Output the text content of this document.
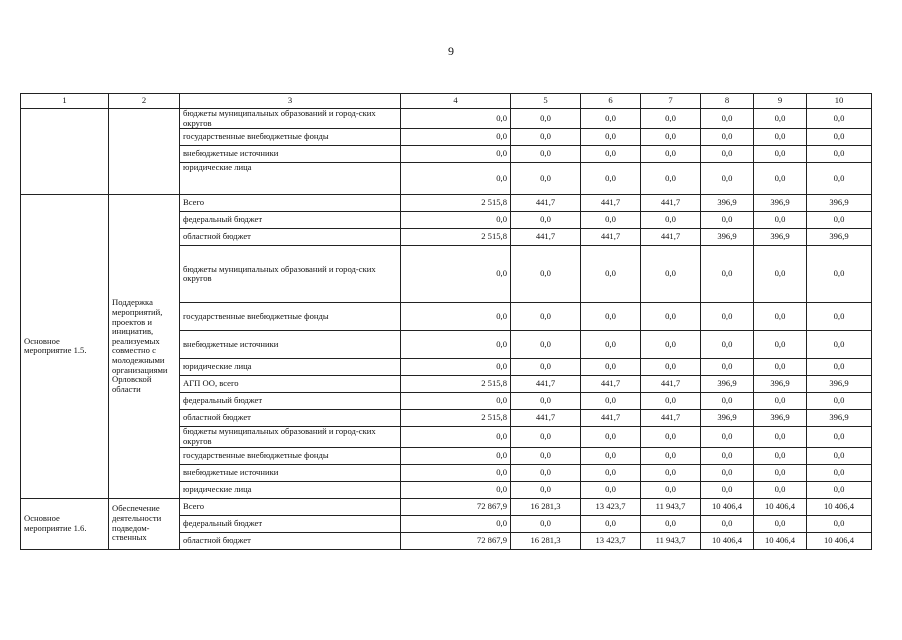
9
1	2	3	4	5	6	7	8	9	10
		бюджеты муниципальных образований и город-ских округов	0,0	0,0	0,0	0,0	0,0	0,0	0,0
		государственные внебюджетные фонды	0,0	0,0	0,0	0,0	0,0	0,0	0,0
		внебюджетные источники	0,0	0,0	0,0	0,0	0,0	0,0	0,0
		юридические лица	0,0	0,0	0,0	0,0	0,0	0,0	0,0
Основное мероприятие 1.5.	Поддержка мероприятий, проектов и инициатив, реализуемых совместно с молодежными организациями Орловской области	Всего	2 515,8	441,7	441,7	441,7	396,9	396,9	396,9
		федеральный бюджет	0,0	0,0	0,0	0,0	0,0	0,0	0,0
		областной бюджет	2 515,8	441,7	441,7	441,7	396,9	396,9	396,9
		бюджеты муниципальных образований и город-ских округов	0,0	0,0	0,0	0,0	0,0	0,0	0,0
		государственные внебюджетные фонды	0,0	0,0	0,0	0,0	0,0	0,0	0,0
		внебюджетные источники	0,0	0,0	0,0	0,0	0,0	0,0	0,0
		юридические лица	0,0	0,0	0,0	0,0	0,0	0,0	0,0
		АГП ОО, всего	2 515,8	441,7	441,7	441,7	396,9	396,9	396,9
		федеральный бюджет	0,0	0,0	0,0	0,0	0,0	0,0	0,0
		областной бюджет	2 515,8	441,7	441,7	441,7	396,9	396,9	396,9
		бюджеты муниципальных образований и город-ских округов	0,0	0,0	0,0	0,0	0,0	0,0	0,0
		государственные внебюджетные фонды	0,0	0,0	0,0	0,0	0,0	0,0	0,0
		внебюджетные источники	0,0	0,0	0,0	0,0	0,0	0,0	0,0
		юридические лица	0,0	0,0	0,0	0,0	0,0	0,0	0,0
Основное мероприятие 1.6.	Обеспечение деятельности подведом-ственных	Всего	72 867,9	16 281,3	13 423,7	11 943,7	10 406,4	10 406,4	10 406,4
		федеральный бюджет	0,0	0,0	0,0	0,0	0,0	0,0	0,0
		областной бюджет	72 867,9	16 281,3	13 423,7	11 943,7	10 406,4	10 406,4	10 406,4
